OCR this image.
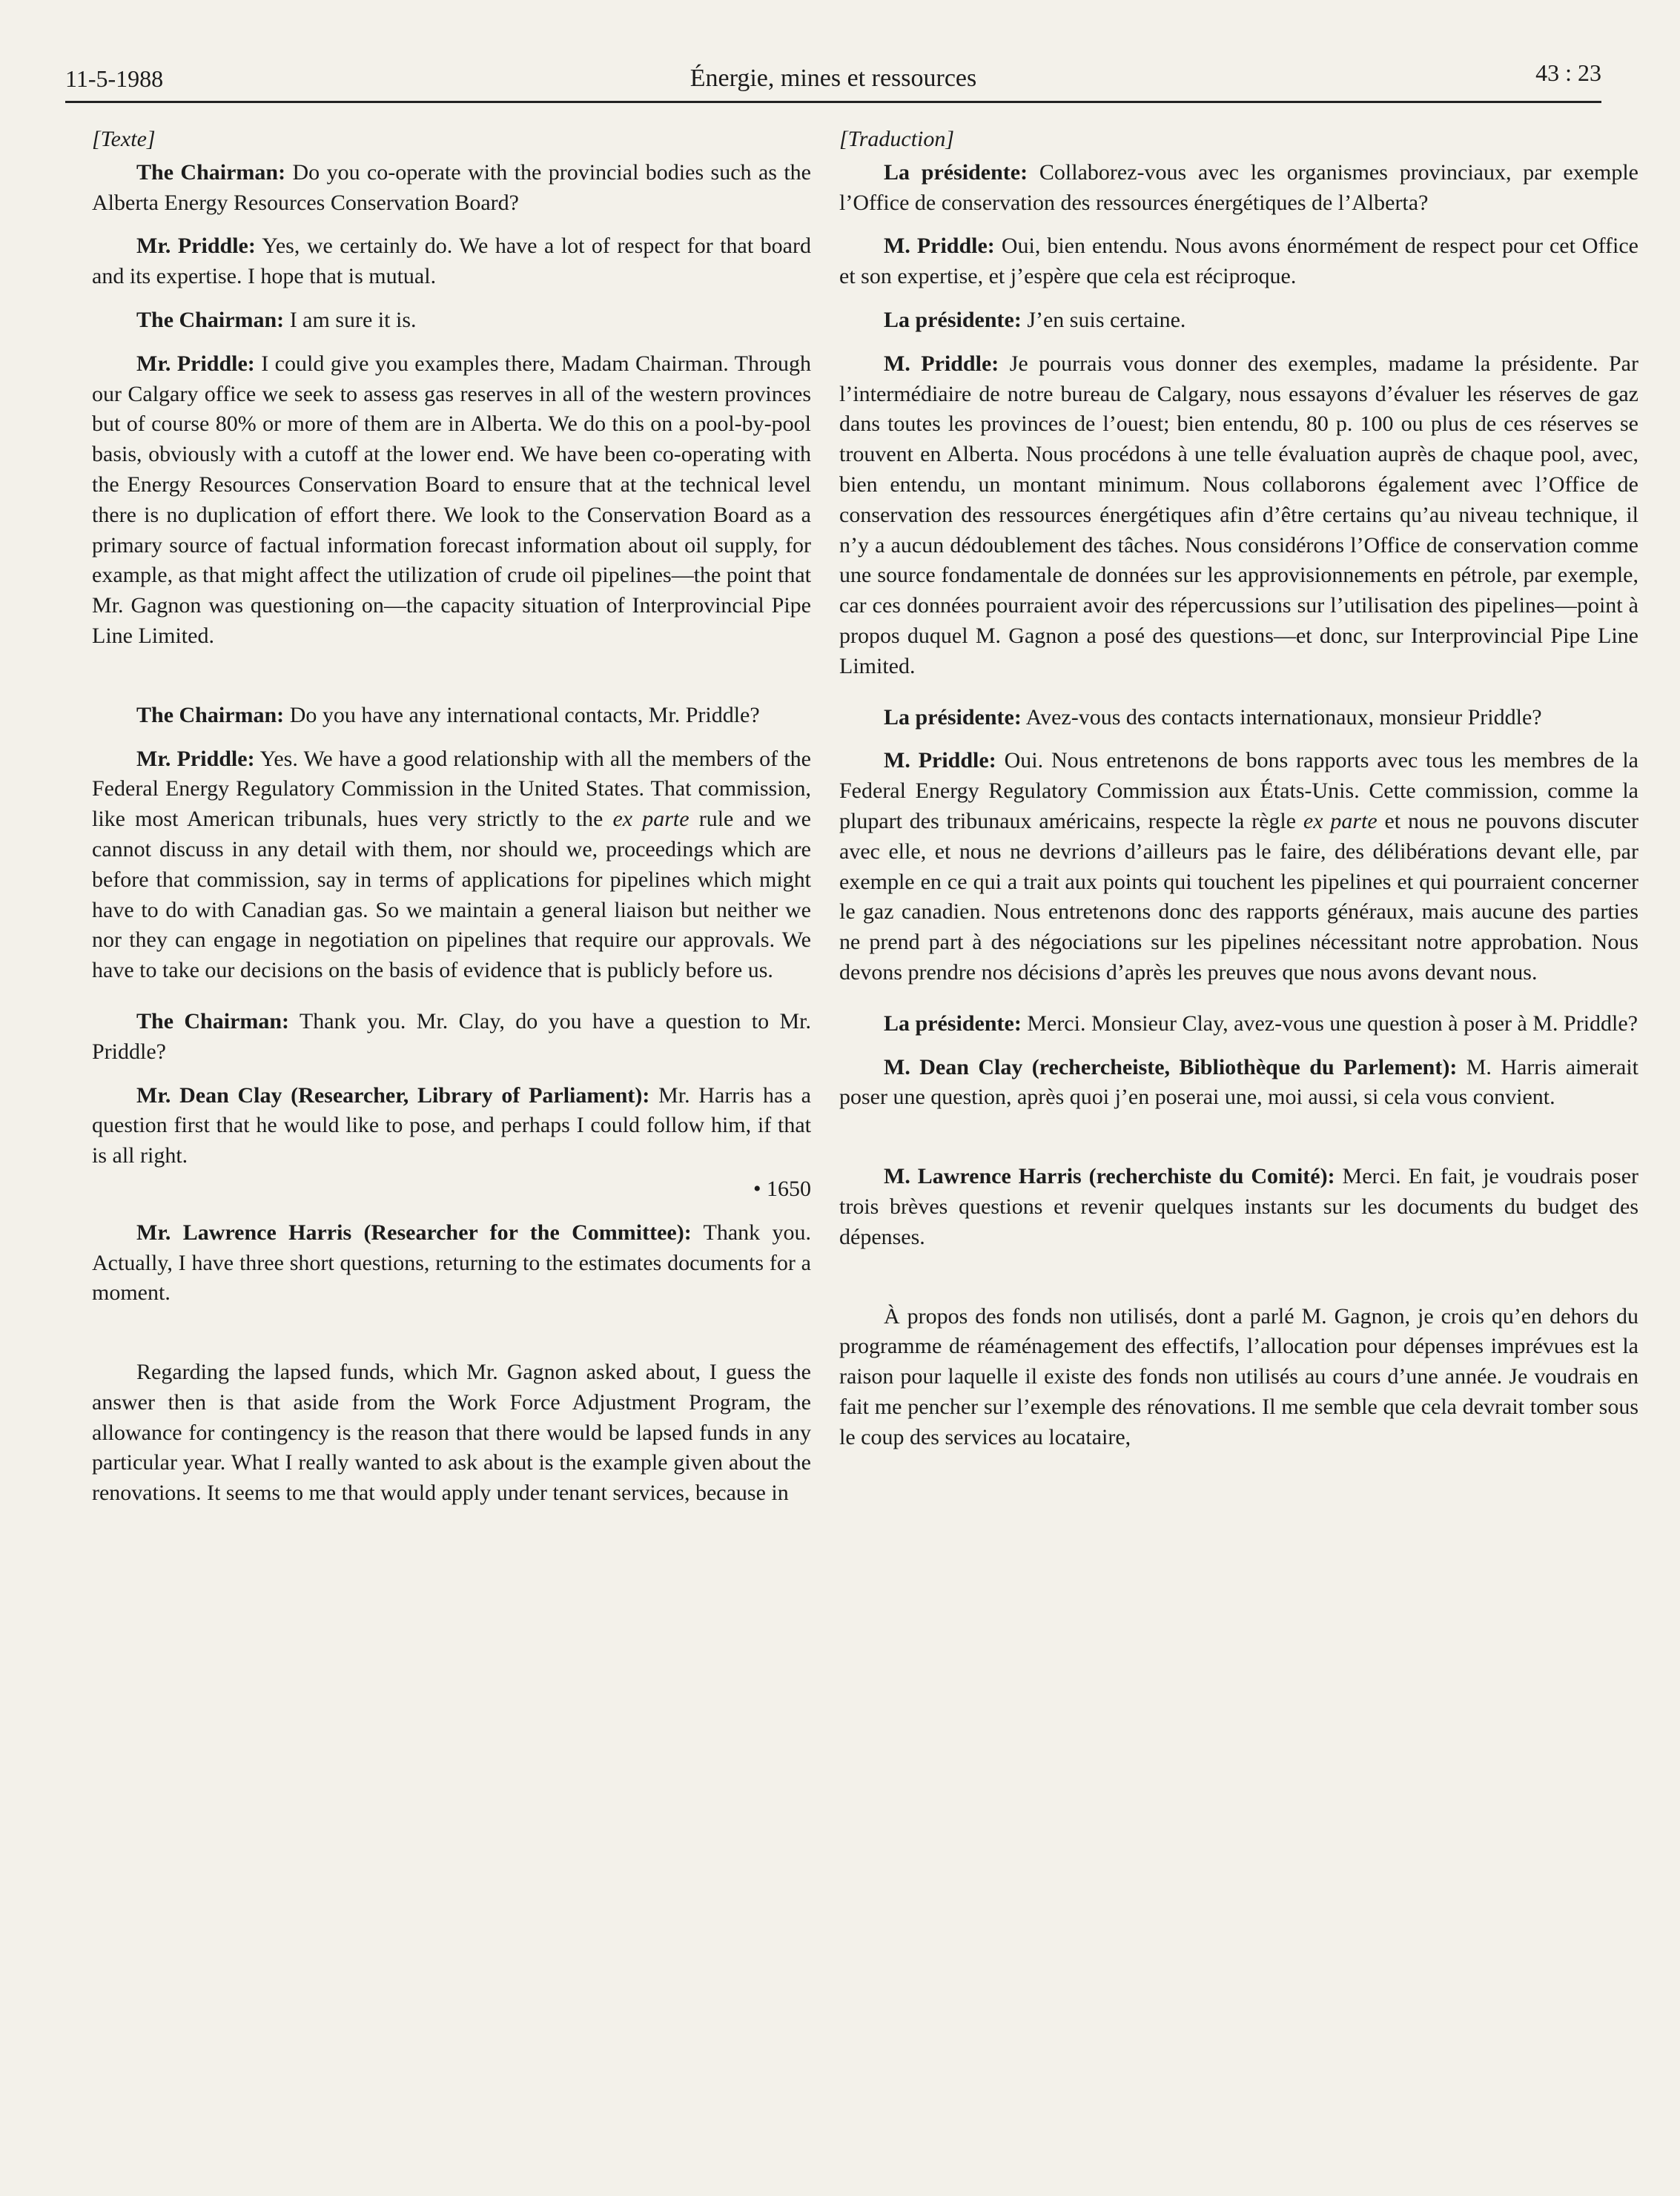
11-5-1988	Énergie, mines et ressources	43 : 23

[Texte]

The Chairman: Do you co-operate with the provincial bodies such as the Alberta Energy Resources Conservation Board?

Mr. Priddle: Yes, we certainly do. We have a lot of respect for that board and its expertise. I hope that is mutual.

The Chairman: I am sure it is.

Mr. Priddle: I could give you examples there, Madam Chairman. Through our Calgary office we seek to assess gas reserves in all of the western provinces but of course 80% or more of them are in Alberta. We do this on a pool-by-pool basis, obviously with a cutoff at the lower end. We have been co-operating with the Energy Resources Conservation Board to ensure that at the technical level there is no duplication of effort there. We look to the Conservation Board as a primary source of factual information forecast information about oil supply, for example, as that might affect the utilization of crude oil pipelines—the point that Mr. Gagnon was questioning on—the capacity situation of Interprovincial Pipe Line Limited.

The Chairman: Do you have any international contacts, Mr. Priddle?

Mr. Priddle: Yes. We have a good relationship with all the members of the Federal Energy Regulatory Commission in the United States. That commission, like most American tribunals, hues very strictly to the ex parte rule and we cannot discuss in any detail with them, nor should we, proceedings which are before that commission, say in terms of applications for pipelines which might have to do with Canadian gas. So we maintain a general liaison but neither we nor they can engage in negotiation on pipelines that require our approvals. We have to take our decisions on the basis of evidence that is publicly before us.

The Chairman: Thank you. Mr. Clay, do you have a question to Mr. Priddle?

Mr. Dean Clay (Researcher, Library of Parliament): Mr. Harris has a question first that he would like to pose, and perhaps I could follow him, if that is all right.

• 1650

Mr. Lawrence Harris (Researcher for the Committee): Thank you. Actually, I have three short questions, returning to the estimates documents for a moment.

Regarding the lapsed funds, which Mr. Gagnon asked about, I guess the answer then is that aside from the Work Force Adjustment Program, the allowance for contingency is the reason that there would be lapsed funds in any particular year. What I really wanted to ask about is the example given about the renovations. It seems to me that would apply under tenant services, because in

[Traduction]

La présidente: Collaborez-vous avec les organismes provinciaux, par exemple l’Office de conservation des ressources énergétiques de l’Alberta?

M. Priddle: Oui, bien entendu. Nous avons énormément de respect pour cet Office et son expertise, et j’espère que cela est réciproque.

La présidente: J’en suis certaine.

M. Priddle: Je pourrais vous donner des exemples, madame la présidente. Par l’intermédiaire de notre bureau de Calgary, nous essayons d’évaluer les réserves de gaz dans toutes les provinces de l’ouest; bien entendu, 80 p. 100 ou plus de ces réserves se trouvent en Alberta. Nous procédons à une telle évaluation auprès de chaque pool, avec, bien entendu, un montant minimum. Nous collaborons également avec l’Office de conservation des ressources énergétiques afin d’être certains qu’au niveau technique, il n’y a aucun dédoublement des tâches. Nous considérons l’Office de conservation comme une source fondamentale de données sur les approvisionnements en pétrole, par exemple, car ces données pourraient avoir des répercussions sur l’utilisation des pipelines—point à propos duquel M. Gagnon a posé des questions—et donc, sur Interprovincial Pipe Line Limited.

La présidente: Avez-vous des contacts internationaux, monsieur Priddle?

M. Priddle: Oui. Nous entretenons de bons rapports avec tous les membres de la Federal Energy Regulatory Commission aux États-Unis. Cette commission, comme la plupart des tribunaux américains, respecte la règle ex parte et nous ne pouvons discuter avec elle, et nous ne devrions d’ailleurs pas le faire, des délibérations devant elle, par exemple en ce qui a trait aux points qui touchent les pipelines et qui pourraient concerner le gaz canadien. Nous entretenons donc des rapports généraux, mais aucune des parties ne prend part à des négociations sur les pipelines nécessitant notre approbation. Nous devons prendre nos décisions d’après les preuves que nous avons devant nous.

La présidente: Merci. Monsieur Clay, avez-vous une question à poser à M. Priddle?

M. Dean Clay (rechercheiste, Bibliothèque du Parlement): M. Harris aimerait poser une question, après quoi j’en poserai une, moi aussi, si cela vous convient.

M. Lawrence Harris (recherchiste du Comité): Merci. En fait, je voudrais poser trois brèves questions et revenir quelques instants sur les documents du budget des dépenses.

À propos des fonds non utilisés, dont a parlé M. Gagnon, je crois qu’en dehors du programme de réaménagement des effectifs, l’allocation pour dépenses imprévues est la raison pour laquelle il existe des fonds non utilisés au cours d’une année. Je voudrais en fait me pencher sur l’exemple des rénovations. Il me semble que cela devrait tomber sous le coup des services au locataire,
